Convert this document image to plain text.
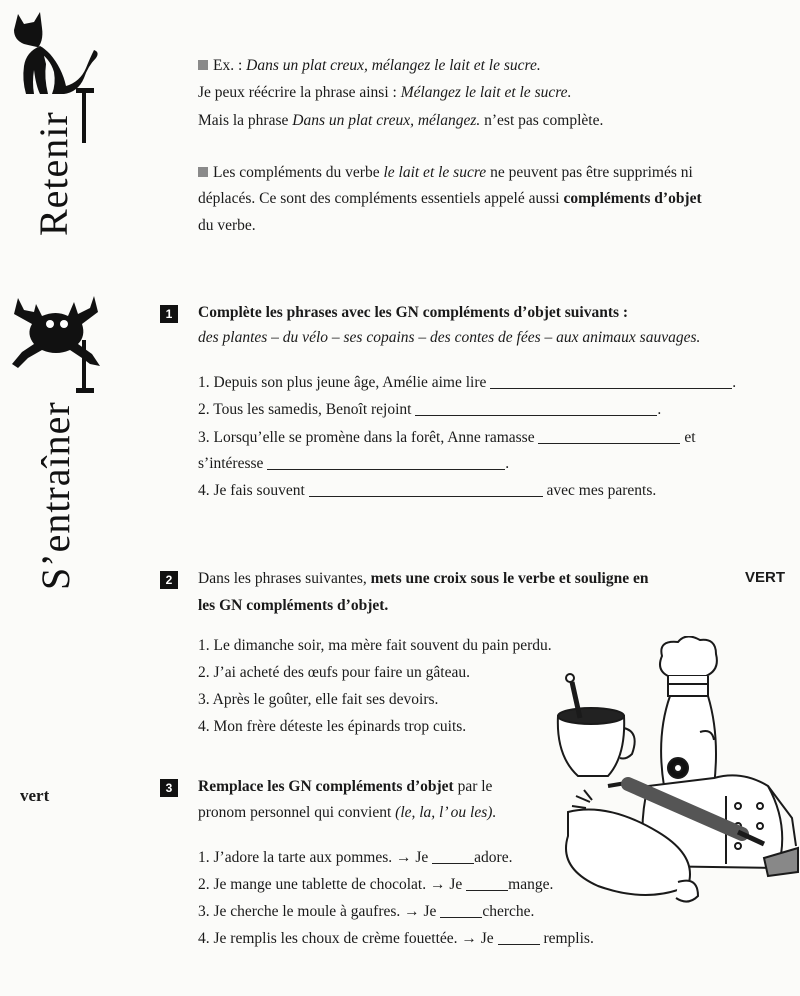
Retenir
S’entraîner
vert
Ex. : Dans un plat creux, mélangez le lait et le sucre.
Je peux réécrire la phrase ainsi : Mélangez le lait et le sucre.
Mais la phrase Dans un plat creux, mélangez. n’est pas complète.
Les compléments du verbe le lait et le sucre ne peuvent pas être supprimés ni
déplacés. Ce sont des compléments essentiels appelé aussi compléments d’objet
du verbe.
1	Complète les phrases avec les GN compléments d’objet suivants :
des plantes – du vélo – ses copains – des contes de fées – aux animaux sauvages.
1. Depuis son plus jeune âge, Amélie aime lire	.
2. Tous les samedis, Benoît rejoint	.
3. Lorsqu’elle se promène dans la forêt, Anne ramasse	et
s’intéresse	.
4. Je fais souvent	avec mes parents.
2	Dans les phrases suivantes, mets une croix sous le verbe et souligne en	VERT
les GN compléments d’objet.
1. Le dimanche soir, ma mère fait souvent du pain perdu.
2. J’ai acheté des œufs pour faire un gâteau.
3. Après le goûter, elle fait ses devoirs.
4. Mon frère déteste les épinards trop cuits.
3	Remplace les GN compléments d’objet par le
pronom personnel qui convient (le, la, l’ ou les).
1. J’adore la tarte aux pommes. → Je	adore.
2. Je mange une tablette de chocolat. → Je	mange.
3. Je cherche le moule à gaufres. → Je	cherche.
4. Je remplis les choux de crème fouettée. → Je	remplis.
